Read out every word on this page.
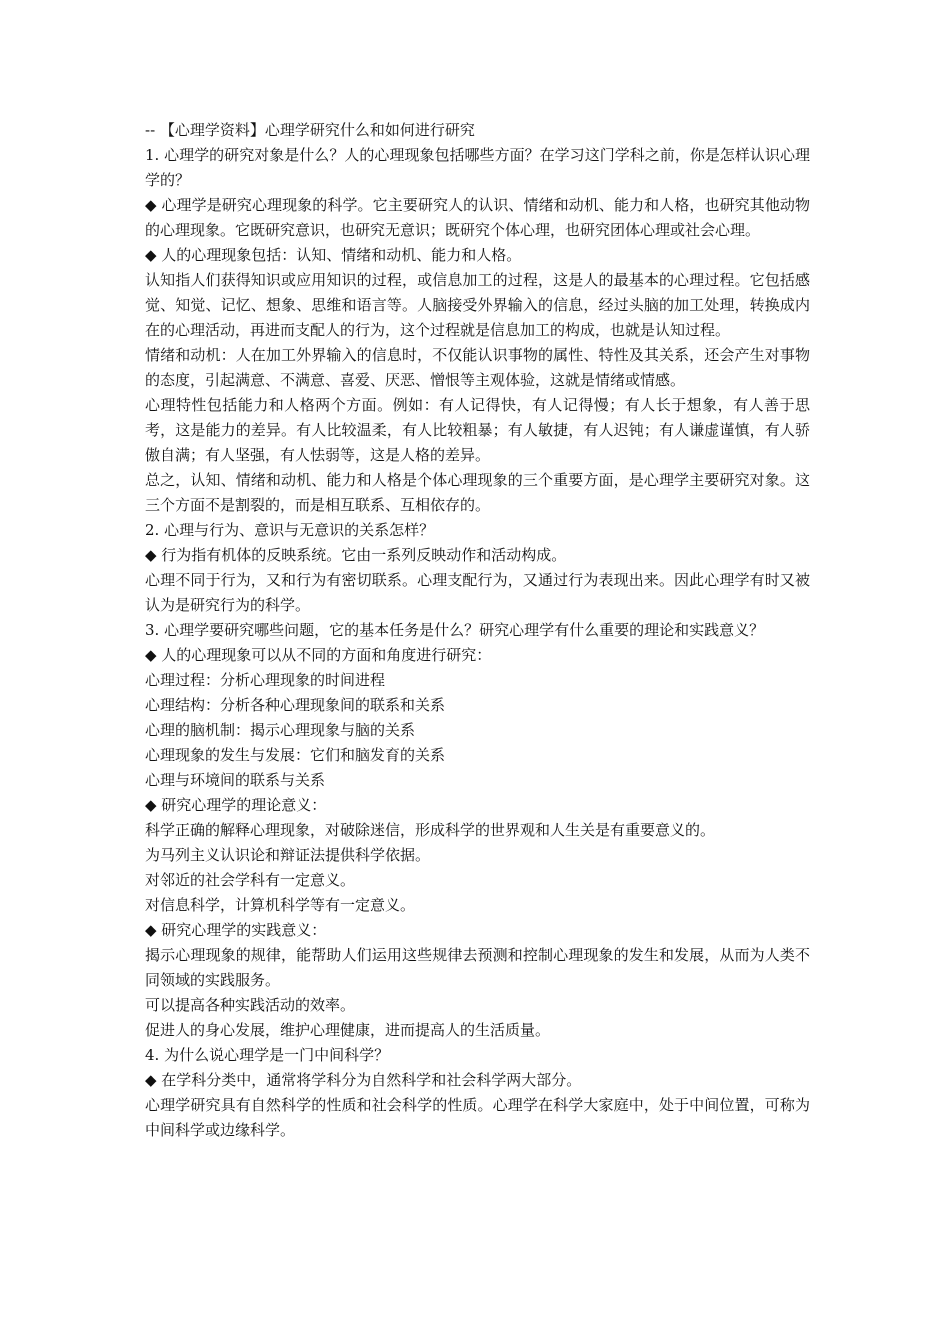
-- 【心理学资料】心理学研究什么和如何进行研究

1. 心理学的研究对象是什么？人的心理现象包括哪些方面？在学习这门学科之前，你是怎样认识心理学的？

◆ 心理学是研究心理现象的科学。它主要研究人的认识、情绪和动机、能力和人格，也研究其他动物的心理现象。它既研究意识，也研究无意识；既研究个体心理，也研究团体心理或社会心理。

◆ 人的心理现象包括：认知、情绪和动机、能力和人格。

认知指人们获得知识或应用知识的过程，或信息加工的过程，这是人的最基本的心理过程。它包括感觉、知觉、记忆、想象、思维和语言等。人脑接受外界输入的信息，经过头脑的加工处理，转换成内在的心理活动，再进而支配人的行为，这个过程就是信息加工的构成，也就是认知过程。

情绪和动机：人在加工外界输入的信息时，不仅能认识事物的属性、特性及其关系，还会产生对事物的态度，引起满意、不满意、喜爱、厌恶、憎恨等主观体验，这就是情绪或情感。

心理特性包括能力和人格两个方面。例如：有人记得快，有人记得慢；有人长于想象，有人善于思考，这是能力的差异。有人比较温柔，有人比较粗暴；有人敏捷，有人迟钝；有人谦虚谨慎，有人骄傲自满；有人坚强，有人怯弱等，这是人格的差异。

总之，认知、情绪和动机、能力和人格是个体心理现象的三个重要方面，是心理学主要研究对象。这三个方面不是割裂的，而是相互联系、互相依存的。

2. 心理与行为、意识与无意识的关系怎样？

◆ 行为指有机体的反映系统。它由一系列反映动作和活动构成。

心理不同于行为，又和行为有密切联系。心理支配行为，又通过行为表现出来。因此心理学有时又被认为是研究行为的科学。

3. 心理学要研究哪些问题，它的基本任务是什么？研究心理学有什么重要的理论和实践意义？

◆ 人的心理现象可以从不同的方面和角度进行研究：

心理过程：分析心理现象的时间进程

心理结构：分析各种心理现象间的联系和关系

心理的脑机制：揭示心理现象与脑的关系

心理现象的发生与发展：它们和脑发育的关系

心理与环境间的联系与关系

◆ 研究心理学的理论意义：

科学正确的解释心理现象，对破除迷信，形成科学的世界观和人生关是有重要意义的。

为马列主义认识论和辩证法提供科学依据。

对邻近的社会学科有一定意义。

对信息科学，计算机科学等有一定意义。

◆ 研究心理学的实践意义：

揭示心理现象的规律，能帮助人们运用这些规律去预测和控制心理现象的发生和发展，从而为人类不同领域的实践服务。

可以提高各种实践活动的效率。

促进人的身心发展，维护心理健康，进而提高人的生活质量。

4. 为什么说心理学是一门中间科学？

◆ 在学科分类中，通常将学科分为自然科学和社会科学两大部分。

心理学研究具有自然科学的性质和社会科学的性质。心理学在科学大家庭中，处于中间位置，可称为中间科学或边缘科学。
